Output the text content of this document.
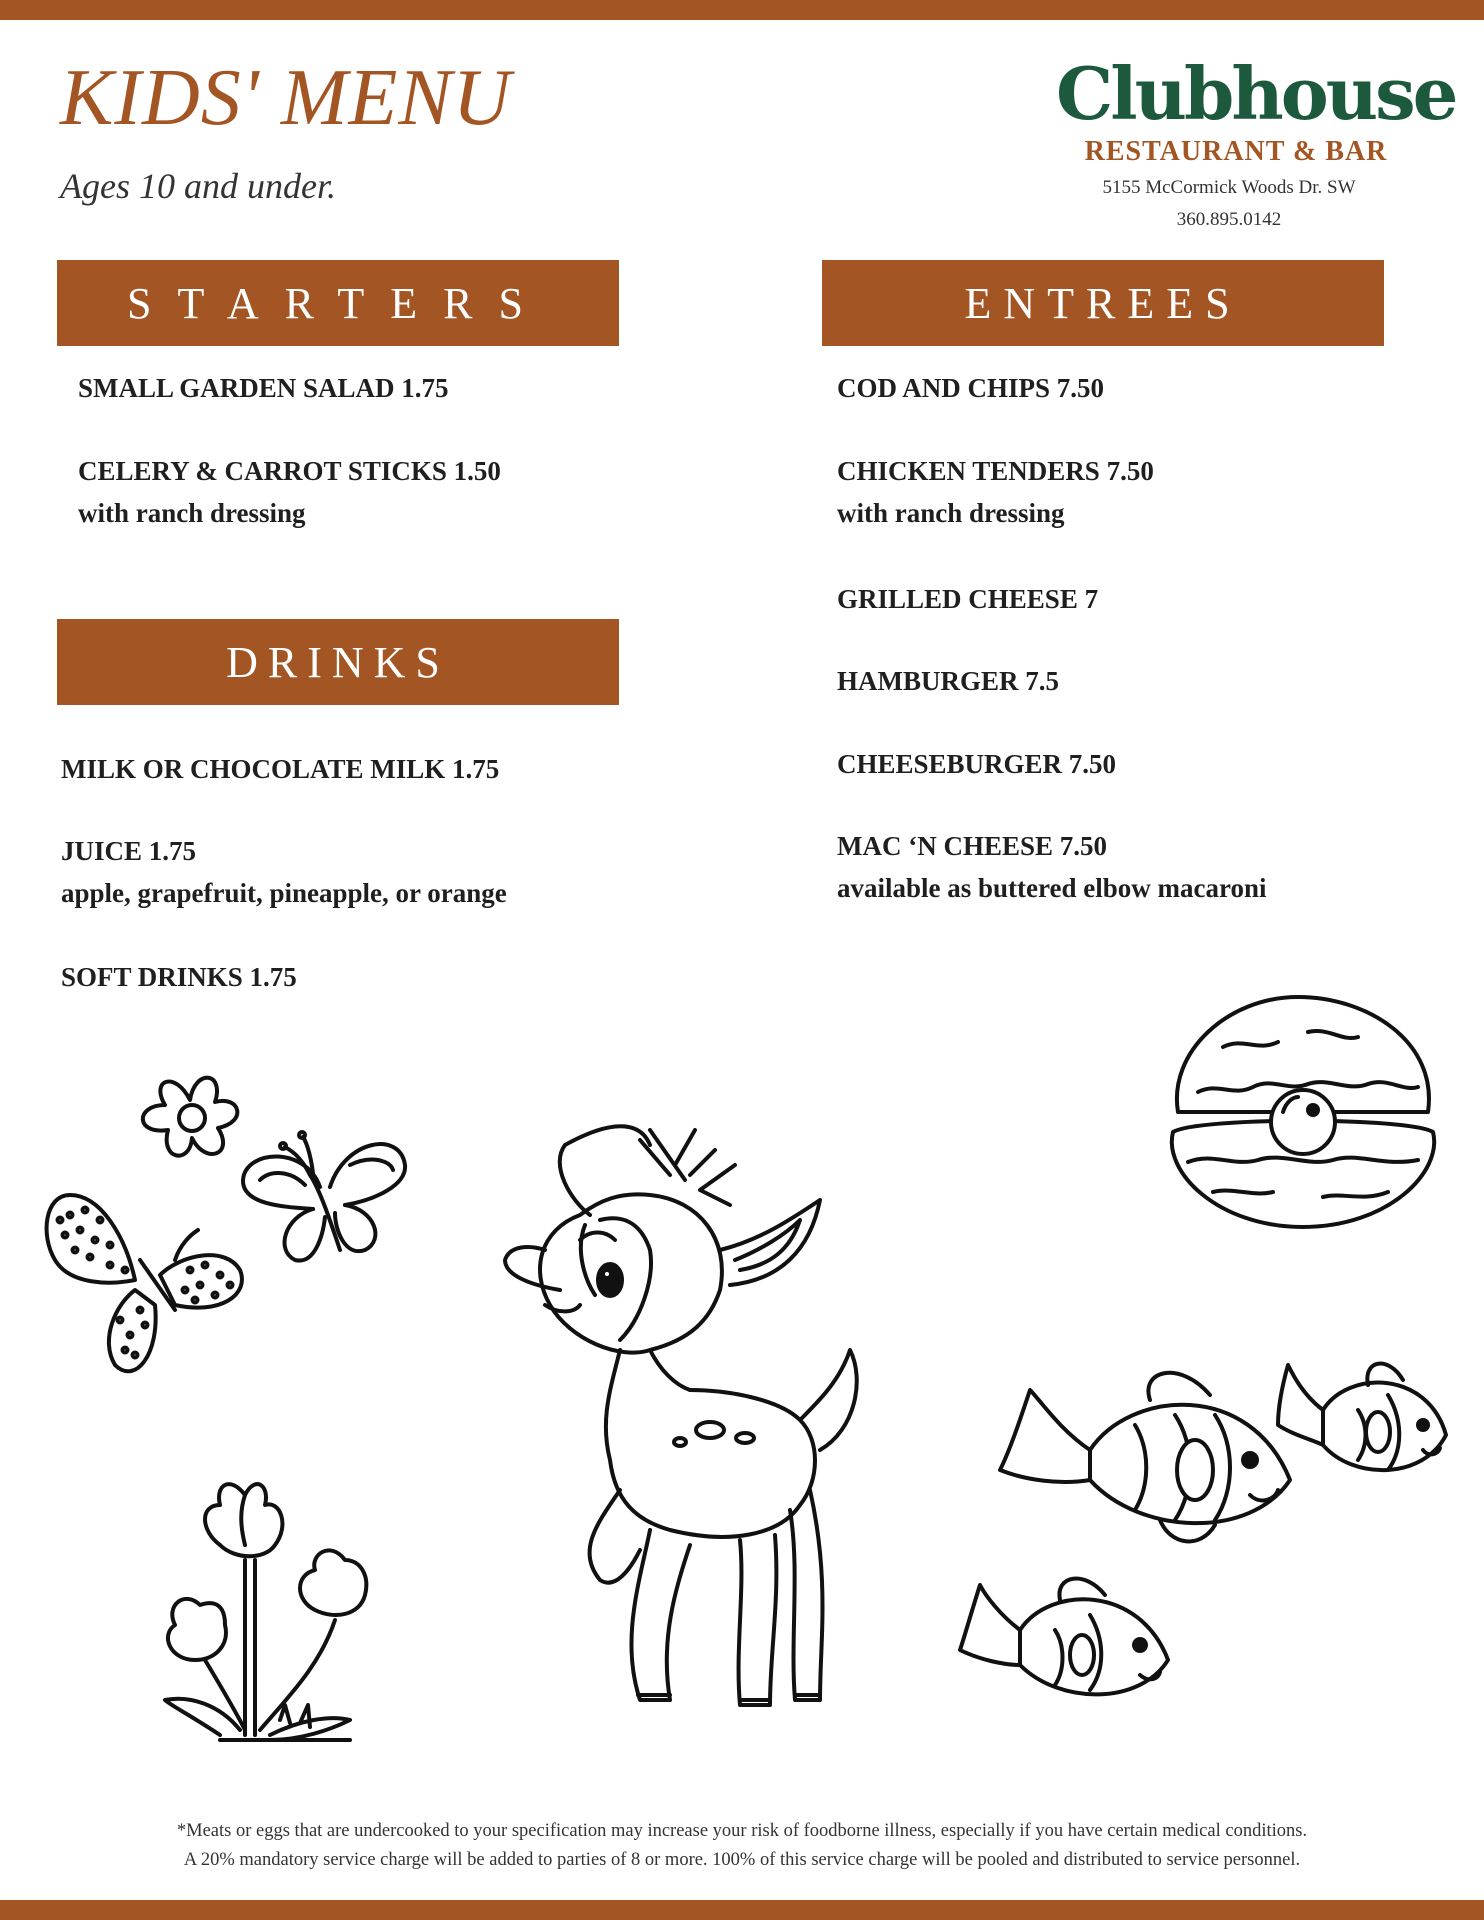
KIDS' MENU

Ages 10 and under.

Clubhouse
RESTAURANT & BAR
5155 McCormick Woods Dr. SW
360.895.0142
STARTERS	ENTREES
DRINKS
SMALL GARDEN SALAD 1.75
CELERY & CARROT STICKS 1.50
with ranch dressing
MILK OR CHOCOLATE MILK 1.75
JUICE 1.75
apple, grapefruit, pineapple, or orange
SOFT DRINKS 1.75
COD AND CHIPS 7.50
CHICKEN TENDERS 7.50
with ranch dressing
GRILLED CHEESE 7
HAMBURGER 7.5
CHEESEBURGER 7.50
MAC ‘N CHEESE 7.50
available as buttered elbow macaroni
*Meats or eggs that are undercooked to your specification may increase your risk of foodborne illness, especially if you have certain medical conditions.
A 20% mandatory service charge will be added to parties of 8 or more. 100% of this service charge will be pooled and distributed to service personnel.
